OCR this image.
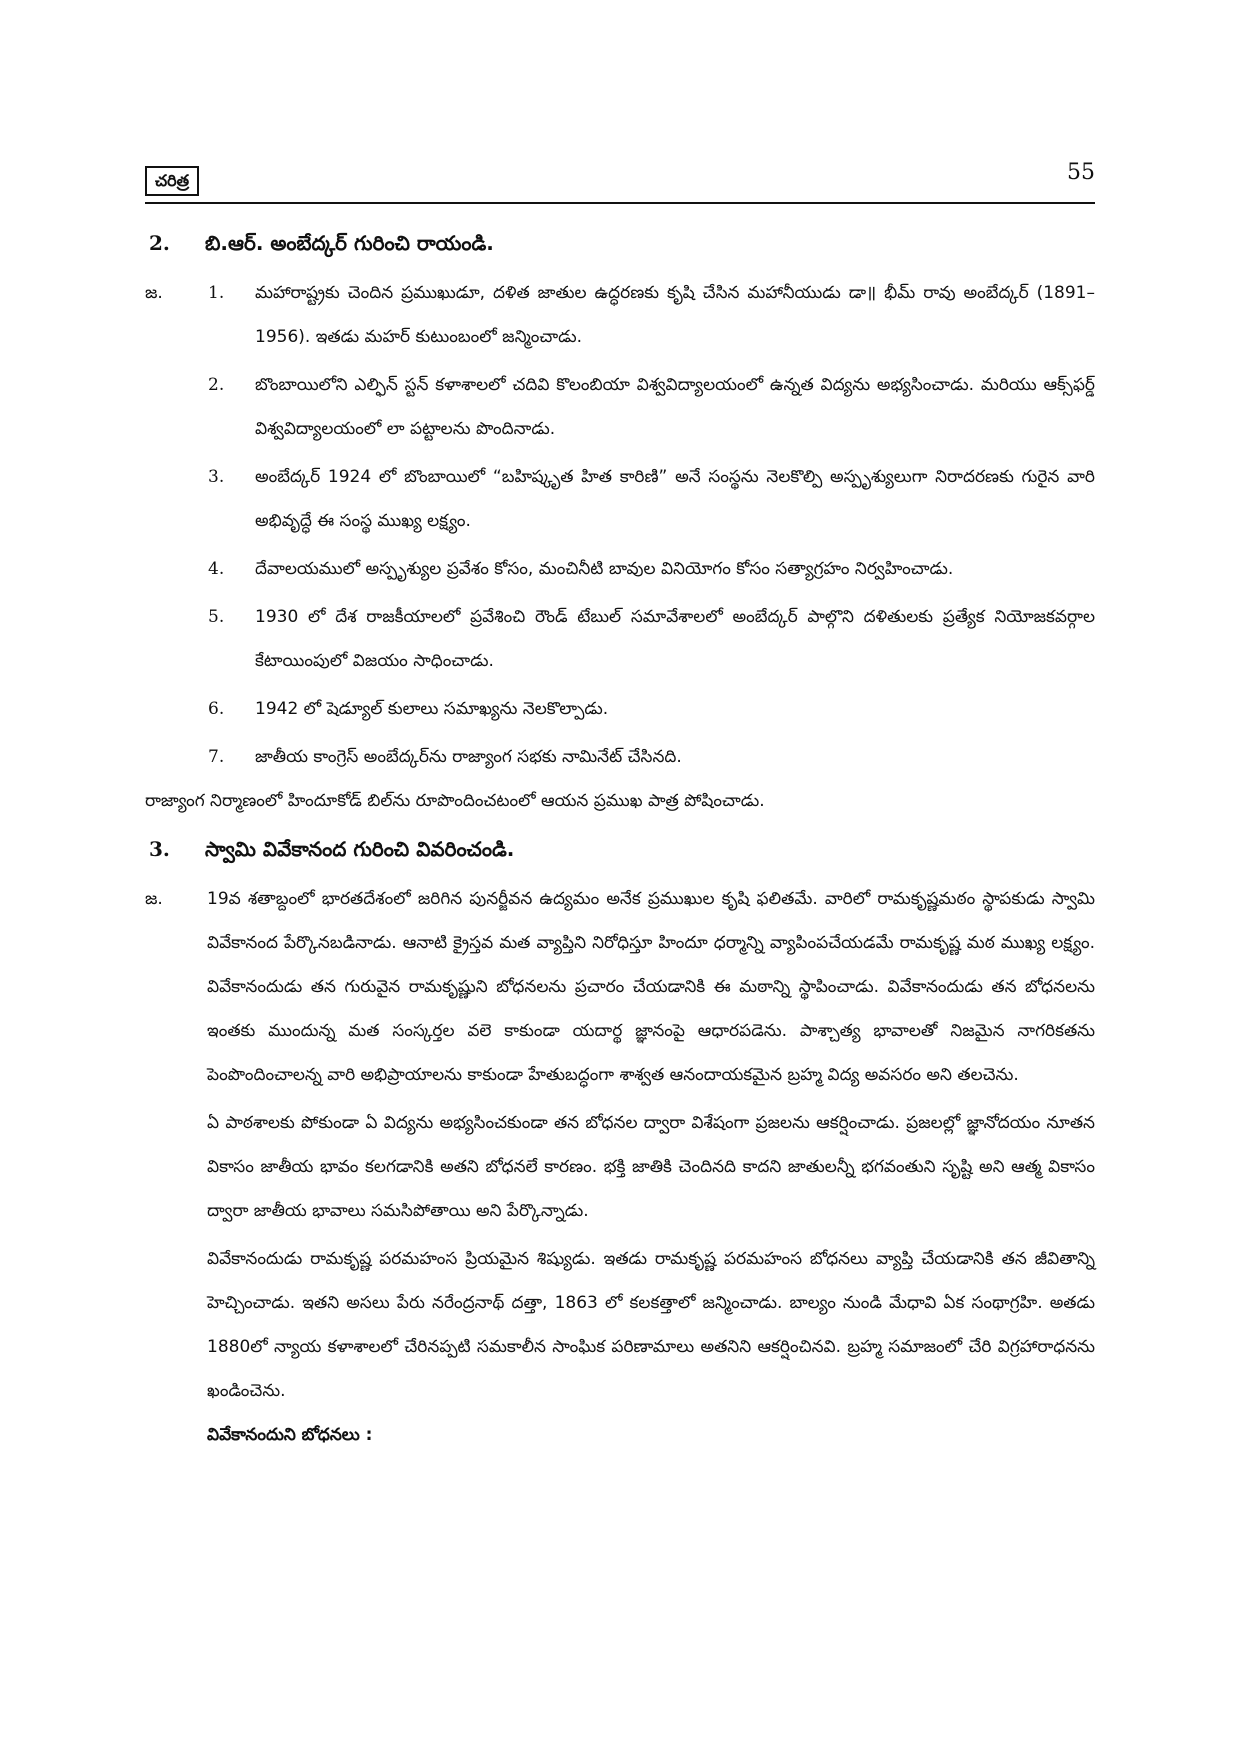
చరిత్ర	55
2. బి.ఆర్. అంబేద్కర్ గురించి రాయండి.
జ.	1. మహారాష్ట్రకు చెందిన ప్రముఖుడూ, దళిత జాతుల ఉద్ధరణకు కృషి చేసిన మహానీయుడు డా॥ భీమ్ రావు అంబేద్కర్ (1891–1956). ఇతడు మహర్ కుటుంబంలో జన్మించాడు.
2. బొంబాయిలోని ఎల్ఫిన్ స్టన్ కళాశాలలో చదివి కొలంబియా విశ్వవిద్యాలయంలో ఉన్నత విద్యను అభ్యసించాడు. మరియు ఆక్స్‌ఫర్డ్ విశ్వవిద్యాలయంలో లా పట్టాలను పొందినాడు.
3. అంబేద్కర్ 1924 లో బొంబాయిలో “బహిష్కృత హిత కారిణి” అనే సంస్థను నెలకొల్పి అస్పృశ్యులుగా నిరాదరణకు గురైన వారి అభివృద్ధే ఈ సంస్థ ముఖ్య లక్ష్యం.
4. దేవాలయములో అస్పృశ్యుల ప్రవేశం కోసం, మంచినీటి బావుల వినియోగం కోసం సత్యాగ్రహం నిర్వహించాడు.
5. 1930 లో దేశ రాజకీయాలలో ప్రవేశించి రౌండ్ టేబుల్ సమావేశాలలో అంబేద్కర్ పాల్గొని దళితులకు ప్రత్యేక నియోజకవర్గాల కేటాయింపులో విజయం సాధించాడు.
6. 1942 లో షెడ్యూల్ కులాలు సమాఖ్యను నెలకొల్పాడు.
7. జాతీయ కాంగ్రెస్ అంబేద్కర్‌ను రాజ్యాంగ సభకు నామినేట్ చేసినది.
రాజ్యాంగ నిర్మాణంలో హిందూకోడ్ బిల్‌ను రూపొందించటంలో ఆయన ప్రముఖ పాత్ర పోషించాడు.
3. స్వామి వివేకానంద గురించి వివరించండి.
జ.	19వ శతాబ్దంలో భారతదేశంలో జరిగిన పునర్జీవన ఉద్యమం అనేక ప్రముఖుల కృషి ఫలితమే. వారిలో రామకృష్ణమఠం స్థాపకుడు స్వామి వివేకానంద పేర్కొనబడినాడు. ఆనాటి క్రైస్తవ మత వ్యాప్తిని నిరోధిస్తూ హిందూ ధర్మాన్ని వ్యాపింపచేయడమే రామకృష్ణ మఠ ముఖ్య లక్ష్యం. వివేకానందుడు తన గురువైన రామకృష్ణుని బోధనలను ప్రచారం చేయడానికి ఈ మఠాన్ని స్థాపించాడు. వివేకానందుడు తన బోధనలను ఇంతకు ముందున్న మత సంస్కర్తల వలె కాకుండా యదార్థ జ్ఞానంపై ఆధారపడెను. పాశ్చాత్య భావాలతో నిజమైన నాగరికతను పెంపొందించాలన్న వారి అభిప్రాయాలను కాకుండా హేతుబద్ధంగా శాశ్వత ఆనందాయకమైన బ్రహ్మ విద్య అవసరం అని తలచెను.
ఏ పాఠశాలకు పోకుండా ఏ విద్యను అభ్యసించకుండా తన బోధనల ద్వారా విశేషంగా ప్రజలను ఆకర్షించాడు. ప్రజలల్లో జ్ఞానోదయం నూతన వికాసం జాతీయ భావం కలగడానికి అతని బోధనలే కారణం. భక్తి జాతికి చెందినది కాదని జాతులన్నీ భగవంతుని సృష్టి అని ఆత్మ వికాసం ద్వారా జాతీయ భావాలు సమసిపోతాయి అని పేర్కొన్నాడు.
వివేకానందుడు రామకృష్ణ పరమహంస ప్రియమైన శిష్యుడు. ఇతడు రామకృష్ణ పరమహంస బోధనలు వ్యాప్తి చేయడానికి తన జీవితాన్ని హెచ్చించాడు. ఇతని అసలు పేరు నరేంద్రనాథ్ దత్తా, 1863 లో కలకత్తాలో జన్మించాడు. బాల్యం నుండి మేధావి ఏక సంథాగ్రహి. అతడు 1880లో న్యాయ కళాశాలలో చేరినప్పటి సమకాలీన సాంఘిక పరిణామాలు అతనిని ఆకర్షించినవి. బ్రహ్మ సమాజంలో చేరి విగ్రహారాధనను ఖండించెను.
వివేకానందుని బోధనలు :
